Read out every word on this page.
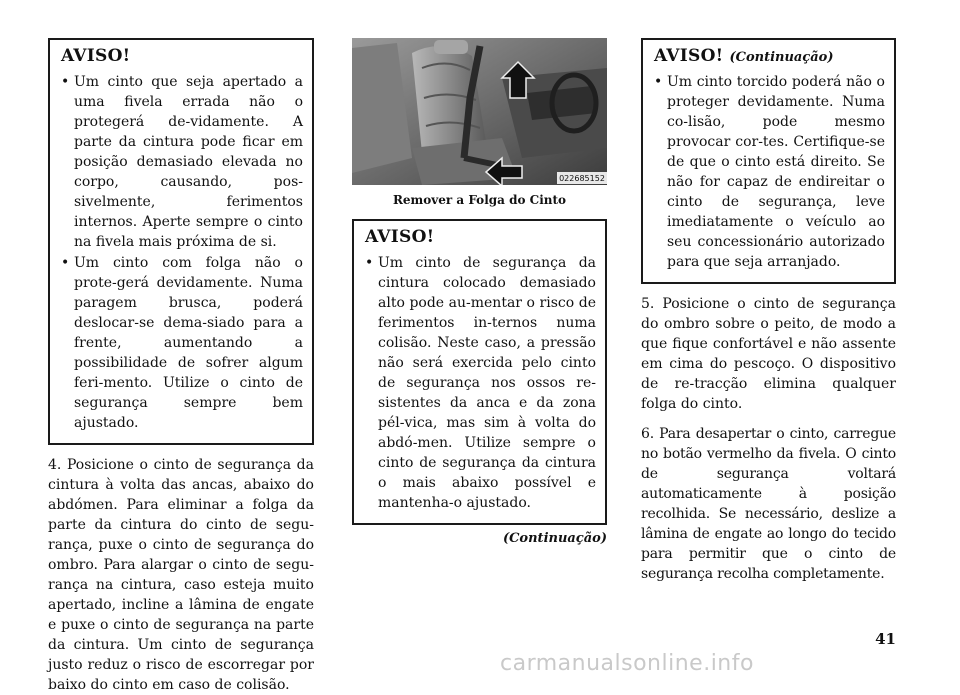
AVISO!
• Um cinto que seja apertado a uma fivela errada não o protegerá de-vidamente. A parte da cintura pode ficar em posição demasiado elevada no corpo, causando, pos-sivelmente, ferimentos internos. Aperte sempre o cinto na fivela mais próxima de si.
• Um cinto com folga não o prote-gerá devidamente. Numa paragem brusca, poderá deslocar-se dema-siado para a frente, aumentando a possibilidade de sofrer algum feri-mento. Utilize o cinto de segurança sempre bem ajustado.

4. Posicione o cinto de segurança da cintura à volta das ancas, abaixo do abdómen. Para eliminar a folga da parte da cintura do cinto de segu-rança, puxe o cinto de segurança do ombro. Para alargar o cinto de segu-rança na cintura, caso esteja muito apertado, incline a lâmina de engate e puxe o cinto de segurança na parte da cintura. Um cinto de segurança justo reduz o risco de escorregar por baixo do cinto em caso de colisão.

022685152
Remover a Folga do Cinto
AVISO!
• Um cinto de segurança da cintura colocado demasiado alto pode au-mentar o risco de ferimentos in-ternos numa colisão. Neste caso, a pressão não será exercida pelo cinto de segurança nos ossos re-sistentes da anca e da zona pél-vica, mas sim à volta do abdó-men. Utilize sempre o cinto de segurança da cintura o mais abaixo possível e mantenha-o ajustado.
(Continuação)
AVISO! (Continuação)
• Um cinto torcido poderá não o proteger devidamente. Numa co-lisão, pode mesmo provocar cor-tes. Certifique-se de que o cinto está direito. Se não for capaz de endireitar o cinto de segurança, leve imediatamente o veículo ao seu concessionário autorizado para que seja arranjado.

5. Posicione o cinto de segurança do ombro sobre o peito, de modo a que fique confortável e não assente em cima do pescoço. O dispositivo de re-tracção elimina qualquer folga do cinto.

6. Para desapertar o cinto, carregue no botão vermelho da fivela. O cinto de segurança voltará automaticamente à posição recolhida. Se necessário, deslize a lâmina de engate ao longo do tecido para permitir que o cinto de segurança recolha completamente.

41
carmanualsonline.info
